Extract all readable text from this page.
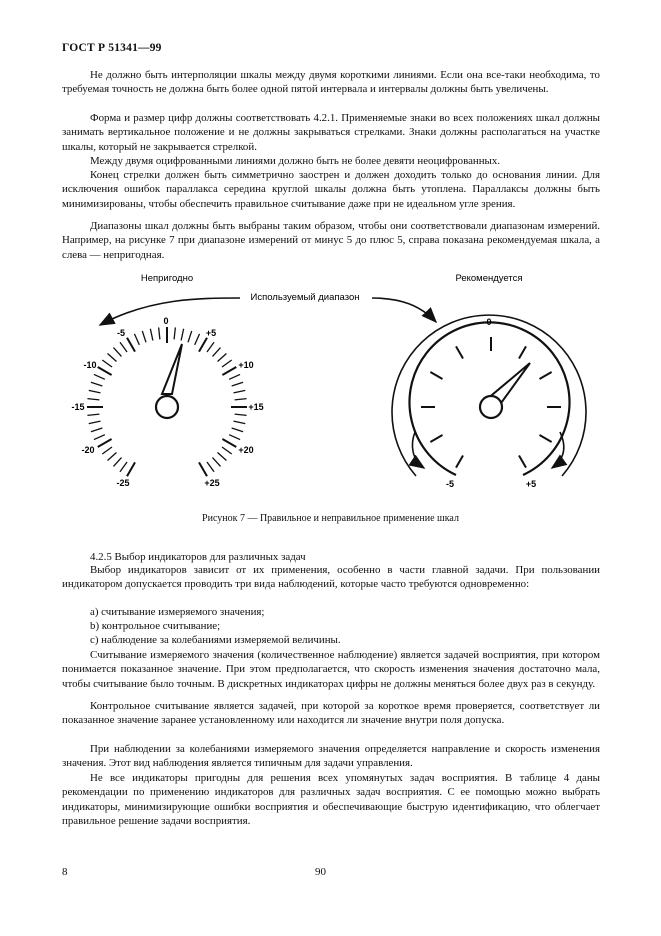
ГОСТ Р 51341—99

Не должно быть интерполяции шкалы между двумя короткими линиями. Если она все-таки необходима, то требуемая точность не должна быть более одной пятой интервала и интервалы должны быть увеличены.

Форма и размер цифр должны соответствовать 4.2.1. Применяемые знаки во всех положениях шкал должны занимать вертикальное положение и не должны закрываться стрелками. Знаки должны располагаться на участке шкалы, который не закрывается стрелкой.

Между двумя оцифрованными линиями должно быть не более девяти неоцифрованных.

Конец стрелки должен быть симметрично заострен и должен доходить только до основания линии. Для исключения ошибок параллакса середина круглой шкалы должна быть утоплена. Параллаксы должны быть минимизированы, чтобы обеспечить правильное считывание даже при не идеальном угле зрения.

Диапазоны шкал должны быть выбраны таким образом, чтобы они соответствовали диапазонам измерений. Например, на рисунке 7 при диапазоне измерений от минус 5 до плюс 5, справа показана рекомендуемая шкала, а слева — непригодная.

Непригодно	Рекомендуется
Используемый диапазон
-5
0
+5
-10	+10
-15	+15
-20	+20
-25	+25
0
-5	+5
Рисунок 7 — Правильное и неправильное применение шкал

4.2.5 Выбор индикаторов для различных задач

Выбор индикаторов зависит от их применения, особенно в части главной задачи. При пользовании индикатором допускается проводить три вида наблюдений, которые часто требуются одновременно:

a) считывание измеряемого значения;
b) контрольное считывание;
c) наблюдение за колебаниями измеряемой величины.

Считывание измеряемого значения (количественное наблюдение) является задачей восприятия, при котором понимается показанное значение. При этом предполагается, что скорость изменения значения достаточно мала, чтобы считывание было точным. В дискретных индикаторах цифры не должны меняться более двух раз в секунду.

Контрольное считывание является задачей, при которой за короткое время проверяется, соответствует ли показанное значение заранее установленному или находится ли значение внутри поля допуска.

При наблюдении за колебаниями измеряемого значения определяется направление и скорость изменения значения. Этот вид наблюдения является типичным для задачи управления.

Не все индикаторы пригодны для решения всех упомянутых задач восприятия. В таблице 4 даны рекомендации по применению индикаторов для различных задач восприятия. С ее помощью можно выбрать индикаторы, минимизирующие ошибки восприятия и обеспечивающие быструю идентификацию, что облегчает правильное решение задачи восприятия.

8	90
